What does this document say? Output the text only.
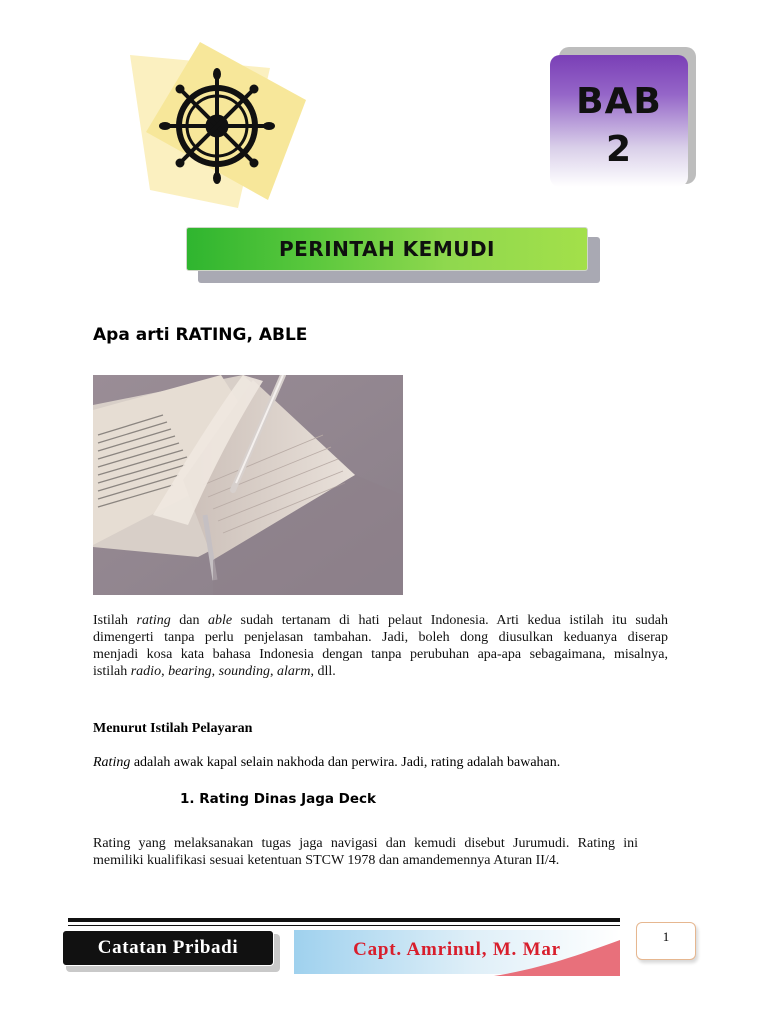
BAB
2
PERINTAH KEMUDI
Apa arti RATING, ABLE
Istilah rating dan able sudah tertanam di hati pelaut Indonesia. Arti kedua istilah itu sudah
dimengerti tanpa perlu penjelasan tambahan. Jadi, boleh dong diusulkan keduanya diserap
menjadi kosa kata bahasa Indonesia dengan tanpa perubuhan apa-apa sebagaimana, misalnya,
istilah radio, bearing, sounding, alarm, dll.
Menurut Istilah Pelayaran
Rating adalah awak kapal selain nakhoda dan perwira. Jadi, rating adalah bawahan.
1. Rating Dinas Jaga Deck
Rating yang melaksanakan tugas jaga navigasi dan kemudi disebut Jurumudi. Rating ini
memiliki kualifikasi sesuai ketentuan STCW 1978 dan amandemennya Aturan II/4.
Catatan Pribadi	Capt. Amrinul, M. Mar
1
